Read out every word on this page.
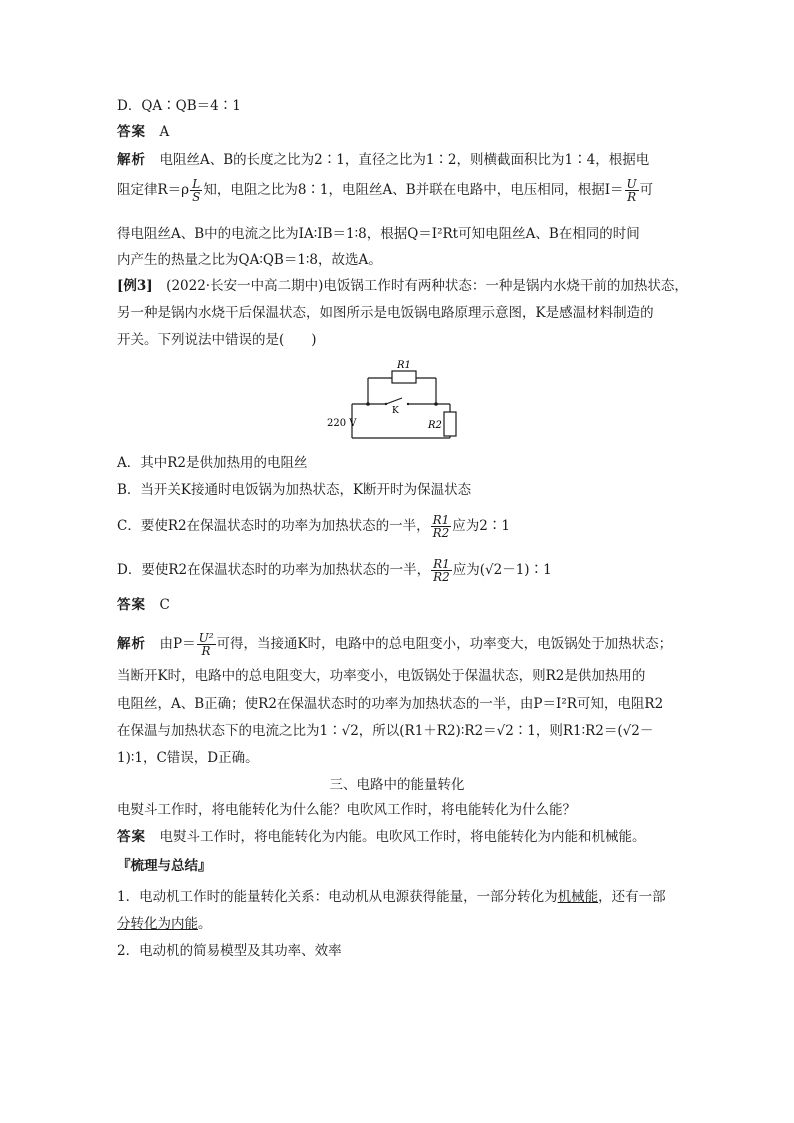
D．QA∶QB＝4∶1
答案　 A
解析　 电阻丝A、B的长度之比为2∶1，直径之比为1∶2，则横截面积比为1∶4，根据电
阻定律$R=\rho \frac{L}{S}$ 知，电阻之比为8∶1，电阻丝A、B并联在电路中，电压相同，根据$I= \frac{U}{R}$ 可
得电阻丝A、B中的电流之比为IA∶IB＝1∶8，根据Q＝I²Rt可知电阻丝A、B在相同的时间
内产生的热量之比为QA∶QB＝1∶8，故选A。
[例3]　 (2022·长安一中高二期中)电饭锅工作时有两种状态：一种是锅内水烧干前的加热状态，
另一种是锅内水烧干后保温状态，如图所示是电饭锅电路原理示意图，K是感温材料制造的
开关。下列说法中错误的是(　　)
R1
R2
K
220 V
A．其中R2是供加热用的电阻丝
B．当开关K接通时电饭锅为加热状态，K断开时为保温状态
C．要使R2在保温状态时的功率为加热状态的一半， $\frac{R1}{R2}$ 应为2∶1
D．要使R2在保温状态时的功率为加热状态的一半， $\frac{R1}{R2}$ 应为(√2－1)∶1
答案　 C
解析　 由$P= \frac{\text{U²}}{R}$ 可得，当接通K时，电路中的总电阻变小，功率变大，电饭锅处于加热状态；
当断开K时，电路中的总电阻变大，功率变小，电饭锅处于保温状态，则R2是供加热用的
电阻丝，A、B正确；使R2在保温状态时的功率为加热状态的一半，由P＝I²R可知，电阻R2
在保温与加热状态下的电流之比为1∶√2，所以(R1＋R2)∶R2＝√2∶1，则R1∶R2＝(√2－
1)∶1，C错误，D正确。
三、电路中的能量转化
电熨斗工作时，将电能转化为什么能？电吹风工作时，将电能转化为什么能？
答案　 电熨斗工作时，将电能转化为内能。电吹风工作时，将电能转化为内能和机械能。
『梳理与总结』
1．电动机工作时的能量转化关系：电动机从电源获得能量，一部分转化为机械能，还有一部
分转化为内能。
2．电动机的简易模型及其功率、效率
